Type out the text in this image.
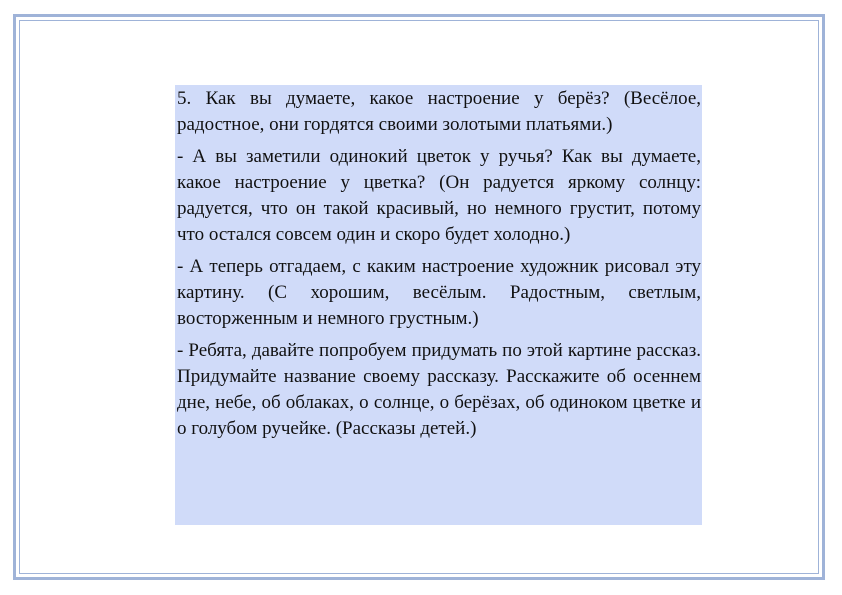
5. Как вы думаете, какое настроение у берёз? (Весёлое, радостное, они гордятся своими золотыми платьями.)

- А вы заметили одинокий цветок у ручья? Как вы думаете, какое настроение у цветка? (Он радуется яркому солнцу: радуется, что он такой красивый, но немного грустит, потому что остался совсем один и скоро будет холодно.)

- А теперь отгадаем, с каким настроение художник рисовал эту картину. (С хорошим, весёлым. Радостным, светлым, восторженным и немного грустным.)

- Ребята, давайте попробуем придумать по этой картине рассказ. Придумайте название своему рассказу. Расскажите об осеннем дне, небе, об облаках, о солнце, о берёзах, об одиноком цветке и о голубом ручейке. (Рассказы детей.)
